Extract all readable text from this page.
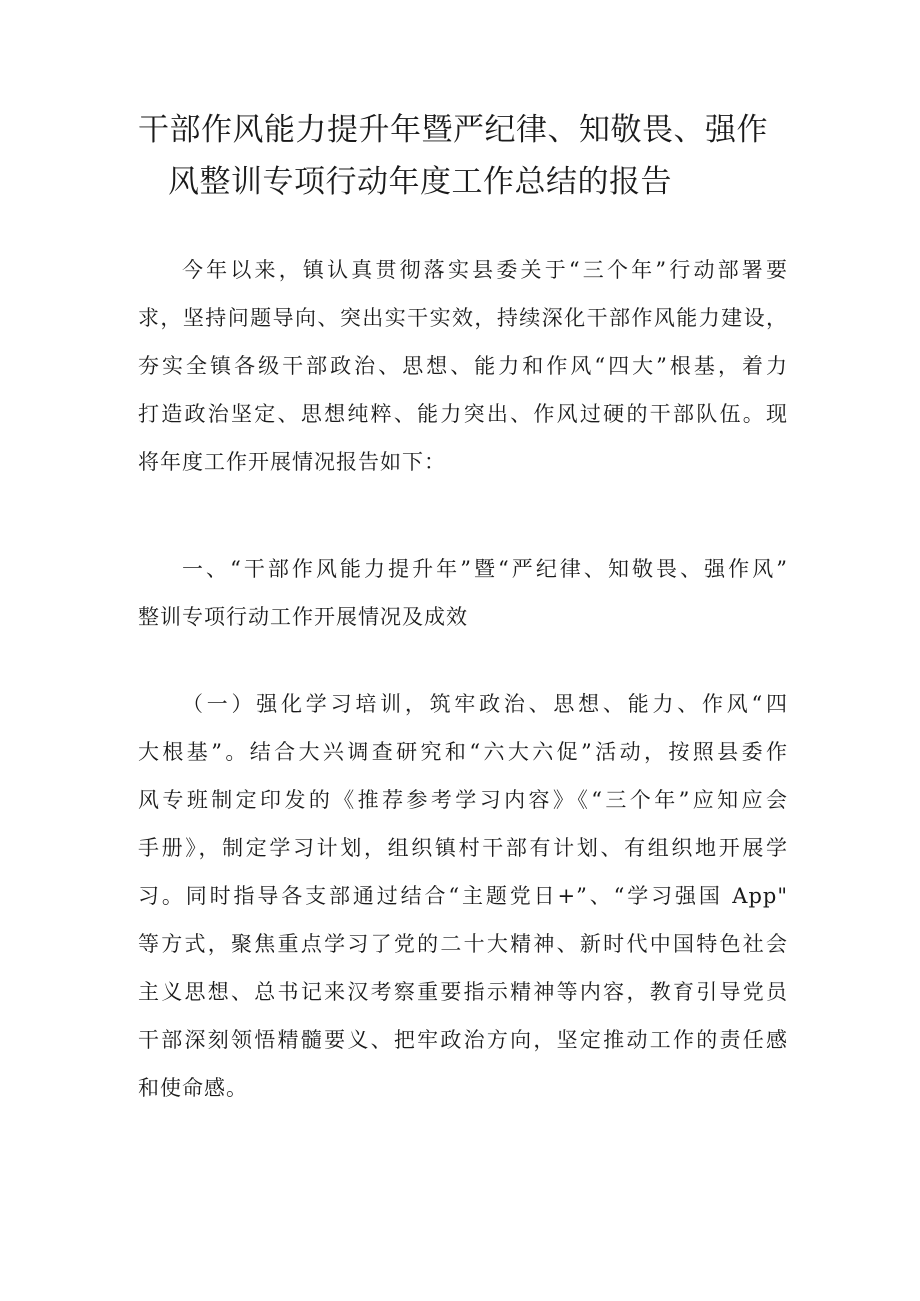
干部作风能力提升年暨严纪律、知敬畏、强作
风整训专项行动年度工作总结的报告
今年以来，镇认真贯彻落实县委关于“三个年”行动部署要
求，坚持问题导向、突出实干实效，持续深化干部作风能力建设，
夯实全镇各级干部政治、思想、能力和作风“四大”根基，着力
打造政治坚定、思想纯粹、能力突出、作风过硬的干部队伍。现
将年度工作开展情况报告如下：
一、“干部作风能力提升年”暨“严纪律、知敬畏、强作风”
整训专项行动工作开展情况及成效
（一）强化学习培训，筑牢政治、思想、能力、作风“四
大根基”。结合大兴调查研究和“六大六促”活动，按照县委作
风专班制定印发的《推荐参考学习内容》《“三个年”应知应会
手册》，制定学习计划，组织镇村干部有计划、有组织地开展学
习。同时指导各支部通过结合“主题党日+”、“学习强国 App"
等方式，聚焦重点学习了党的二十大精神、新时代中国特色社会
主义思想、总书记来汉考察重要指示精神等内容，教育引导党员
干部深刻领悟精髓要义、把牢政治方向，坚定推动工作的责任感
和使命感。
